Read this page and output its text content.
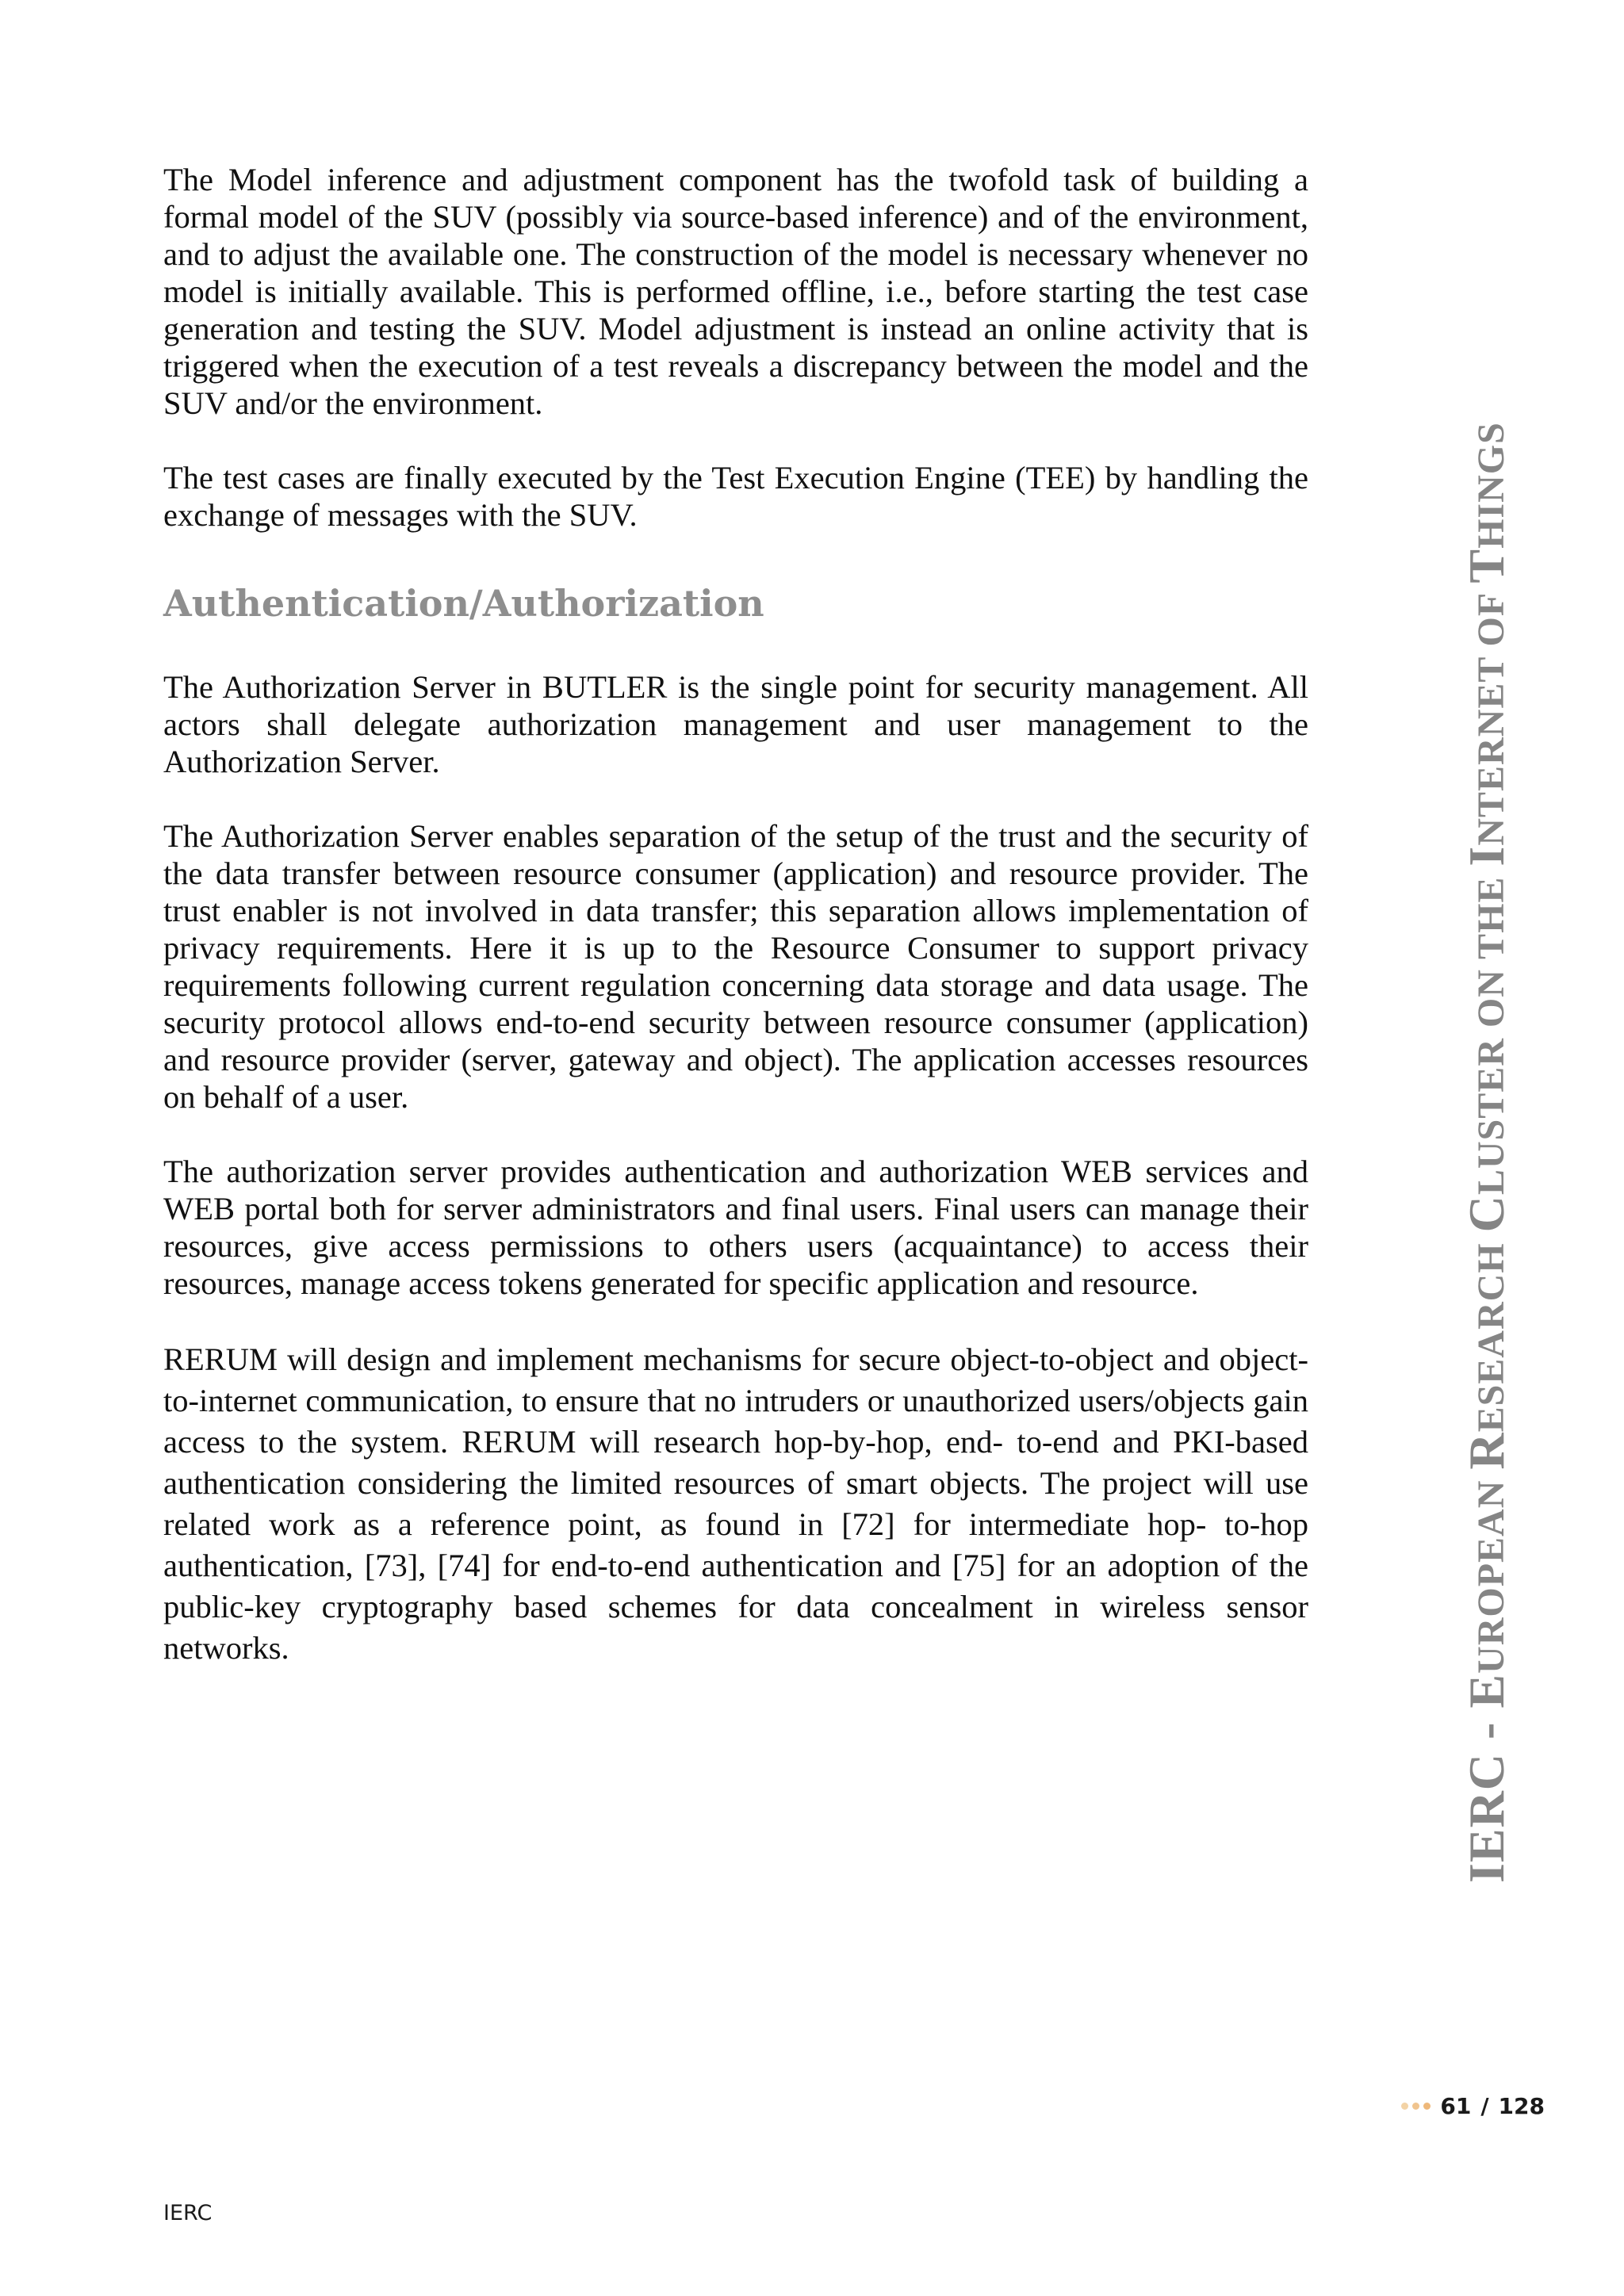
The Model inference and adjustment component has the twofold task of building a formal model of the SUV (possibly via source-based inference) and of the environment, and to adjust the available one. The construction of the model is necessary whenever no model is initially available. This is performed offline, i.e., before starting the test case generation and testing the SUV. Model adjustment is instead an online activity that is triggered when the execution of a test reveals a discrepancy between the model and the SUV and/or the environment.

The test cases are finally executed by the Test Execution Engine (TEE) by handling the exchange of messages with the SUV.

Authentication/Authorization

The Authorization Server in BUTLER is the single point for security management. All actors shall delegate authorization management and user management to the Authorization Server.

The Authorization Server enables separation of the setup of the trust and the security of the data transfer between resource consumer (application) and resource provider. The trust enabler is not involved in data transfer; this separation allows implementation of privacy requirements. Here it is up to the Resource Consumer to support privacy requirements following current regulation concerning data storage and data usage. The security protocol allows end-to-end security between resource consumer (application) and resource provider (server, gateway and object). The application accesses resources on behalf of a user.

The authorization server provides authentication and authorization WEB services and WEB portal both for server administrators and final users. Final users can manage their resources, give access permissions to others users (acquaintance) to access their resources, manage access tokens generated for specific application and resource.

RERUM will design and implement mechanisms for secure object-to-object and object-to-internet communication, to ensure that no intruders or unauthorized users/objects gain access to the system. RERUM will research hop-by-hop, end- to-end and PKI-based authentication considering the limited resources of smart objects. The project will use related work as a reference point, as found in [72] for intermediate hop- to-hop authentication, [73], [74] for end-to-end authentication and [75] for an adoption of the public-key cryptography based schemes for data concealment in wireless sensor networks.

IERC - EUROPEAN RESEARCH CLUSTER ON THE INTERNET OF THINGS
61 / 128
IERC
